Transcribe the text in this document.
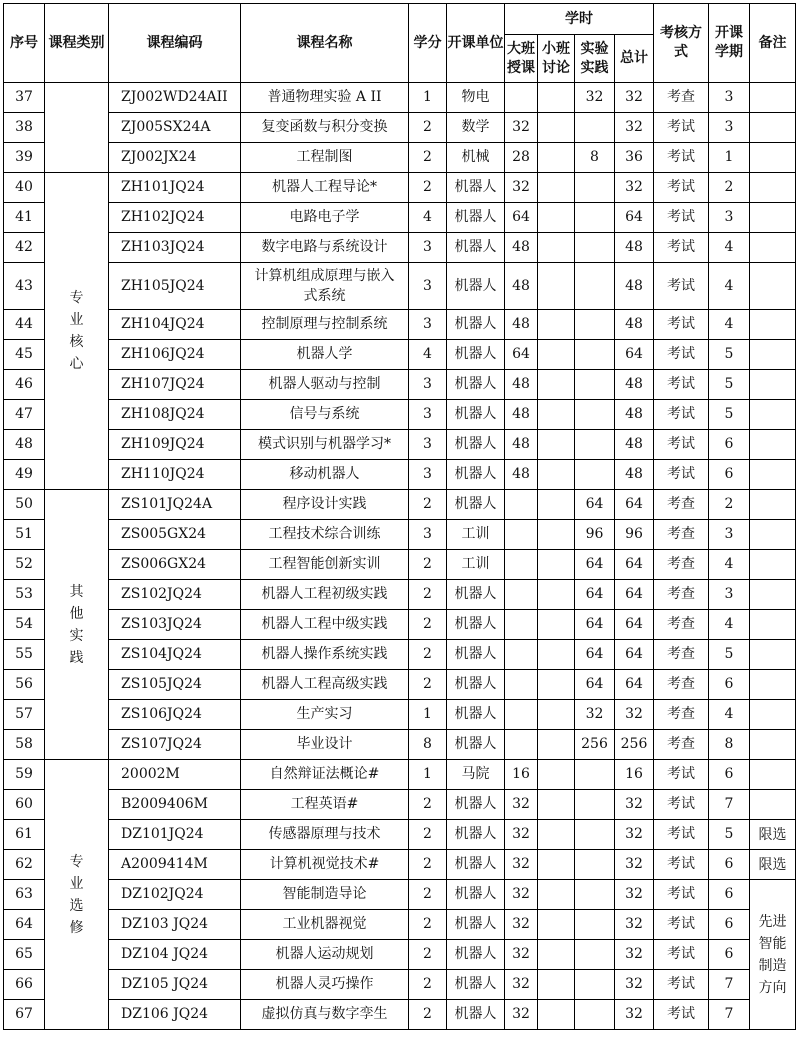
序号	课程类别	课程编码	课程名称	学分	开课单位	学时				考核方式	开课学期	备注
						大班授课	小班讨论	实验实践	总计			
37		ZJ002WD24AII	普通物理实验 A II	1	物电			32	32	考查	3	
38		ZJ005SX24A	复变函数与积分变换	2	数学	32			32	考试	3	
39		ZJ002JX24	工程制图	2	机械	28		8	36	考试	1	
40	专业核心	ZH101JQ24	机器人工程导论*	2	机器人	32			32	考试	2	
41		ZH102JQ24	电路电子学	4	机器人	64			64	考试	3	
42		ZH103JQ24	数字电路与系统设计	3	机器人	48			48	考试	4	
43		ZH105JQ24	计算机组成原理与嵌入式系统	3	机器人	48			48	考试	4	
44		ZH104JQ24	控制原理与控制系统	3	机器人	48			48	考试	4	
45		ZH106JQ24	机器人学	4	机器人	64			64	考试	5	
46		ZH107JQ24	机器人驱动与控制	3	机器人	48			48	考试	5	
47		ZH108JQ24	信号与系统	3	机器人	48			48	考试	5	
48		ZH109JQ24	模式识别与机器学习*	3	机器人	48			48	考试	6	
49		ZH110JQ24	移动机器人	3	机器人	48			48	考试	6	
50	其他实践	ZS101JQ24A	程序设计实践	2	机器人			64	64	考查	2	
51		ZS005GX24	工程技术综合训练	3	工训			96	96	考查	3	
52		ZS006GX24	工程智能创新实训	2	工训			64	64	考查	4	
53		ZS102JQ24	机器人工程初级实践	2	机器人			64	64	考查	3	
54		ZS103JQ24	机器人工程中级实践	2	机器人			64	64	考查	4	
55		ZS104JQ24	机器人操作系统实践	2	机器人			64	64	考查	5	
56		ZS105JQ24	机器人工程高级实践	2	机器人			64	64	考查	6	
57		ZS106JQ24	生产实习	1	机器人			32	32	考查	4	
58		ZS107JQ24	毕业设计	8	机器人			256	256	考查	8	
59	专业选修	20002M	自然辩证法概论#	1	马院	16			16	考试	6	
60		B2009406M	工程英语#	2	机器人	32			32	考试	7	
61		DZ101JQ24	传感器原理与技术	2	机器人	32			32	考试	5	限选
62		A2009414M	计算机视觉技术#	2	机器人	32			32	考试	6	限选
63		DZ102JQ24	智能制造导论	2	机器人	32			32	考试	6	先进智能制造方向
64		DZ103 JQ24	工业机器视觉	2	机器人	32			32	考试	6	
65		DZ104 JQ24	机器人运动规划	2	机器人	32			32	考试	6	
66		DZ105 JQ24	机器人灵巧操作	2	机器人	32			32	考试	7	
67		DZ106 JQ24	虚拟仿真与数字孪生	2	机器人	32			32	考试	7	
